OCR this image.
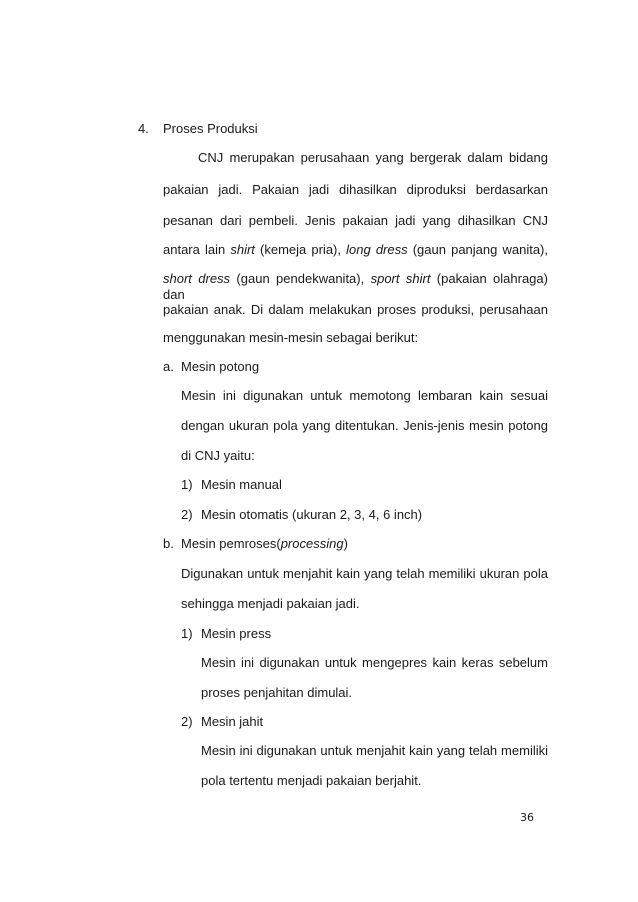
4. Proses Produksi
CNJ merupakan perusahaan yang bergerak dalam bidang
pakaian jadi. Pakaian jadi dihasilkan diproduksi berdasarkan
pesanan dari pembeli. Jenis pakaian jadi yang dihasilkan CNJ
antara lain shirt (kemeja pria), long dress (gaun panjang wanita),
short dress (gaun pendekwanita), sport shirt (pakaian olahraga) dan
pakaian anak. Di dalam melakukan proses produksi, perusahaan
menggunakan mesin-mesin sebagai berikut:
a. Mesin potong
Mesin ini digunakan untuk memotong lembaran kain sesuai
dengan ukuran pola yang ditentukan. Jenis-jenis mesin potong
di CNJ yaitu:
1) Mesin manual
2) Mesin otomatis (ukuran 2, 3, 4, 6 inch)
b. Mesin pemroses(processing)
Digunakan untuk menjahit kain yang telah memiliki ukuran pola
sehingga menjadi pakaian jadi.
1) Mesin press
Mesin ini digunakan untuk mengepres kain keras sebelum
proses penjahitan dimulai.
2) Mesin jahit
Mesin ini digunakan untuk menjahit kain yang telah memiliki
pola tertentu menjadi pakaian berjahit.
36
